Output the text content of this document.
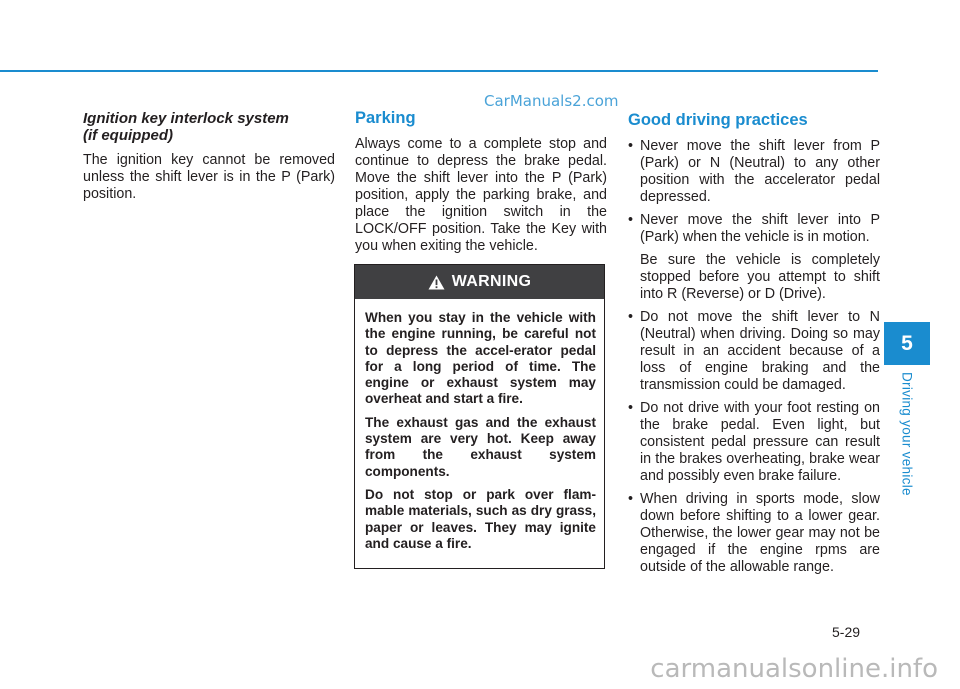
CarManuals2.com
Ignition key interlock system
(if equipped)

The ignition key cannot be removed unless the shift lever is in the P (Park) position.

Parking

Always come to a complete stop and continue to depress the brake pedal. Move the shift lever into the P (Park) position, apply the parking brake, and place the ignition switch in the LOCK/OFF position. Take the Key with you when exiting the vehicle.

WARNING

When you stay in the vehicle with the engine running, be careful not to depress the accel-erator pedal for a long period of time. The engine or exhaust system may overheat and start a fire.

The exhaust gas and the exhaust system are very hot. Keep away from the exhaust system components.

Do not stop or park over flam-mable materials, such as dry grass, paper or leaves. They may ignite and cause a fire.

Good driving practices
• Never move the shift lever from P (Park) or N (Neutral) to any other position with the accelerator pedal depressed.
• Never move the shift lever into P (Park) when the vehicle is in motion.
Be sure the vehicle is completely stopped before you attempt to shift into R (Reverse) or D (Drive).
• Do not move the shift lever to N (Neutral) when driving. Doing so may result in an accident because of a loss of engine braking and the transmission could be damaged.
• Do not drive with your foot resting on the brake pedal. Even light, but consistent pedal pressure can result in the brakes overheating, brake wear and possibly even brake failure.
• When driving in sports mode, slow down before shifting to a lower gear. Otherwise, the lower gear may not be engaged if the engine rpms are outside of the allowable range.
5
Driving your vehicle
5-29
carmanualsonline.info
